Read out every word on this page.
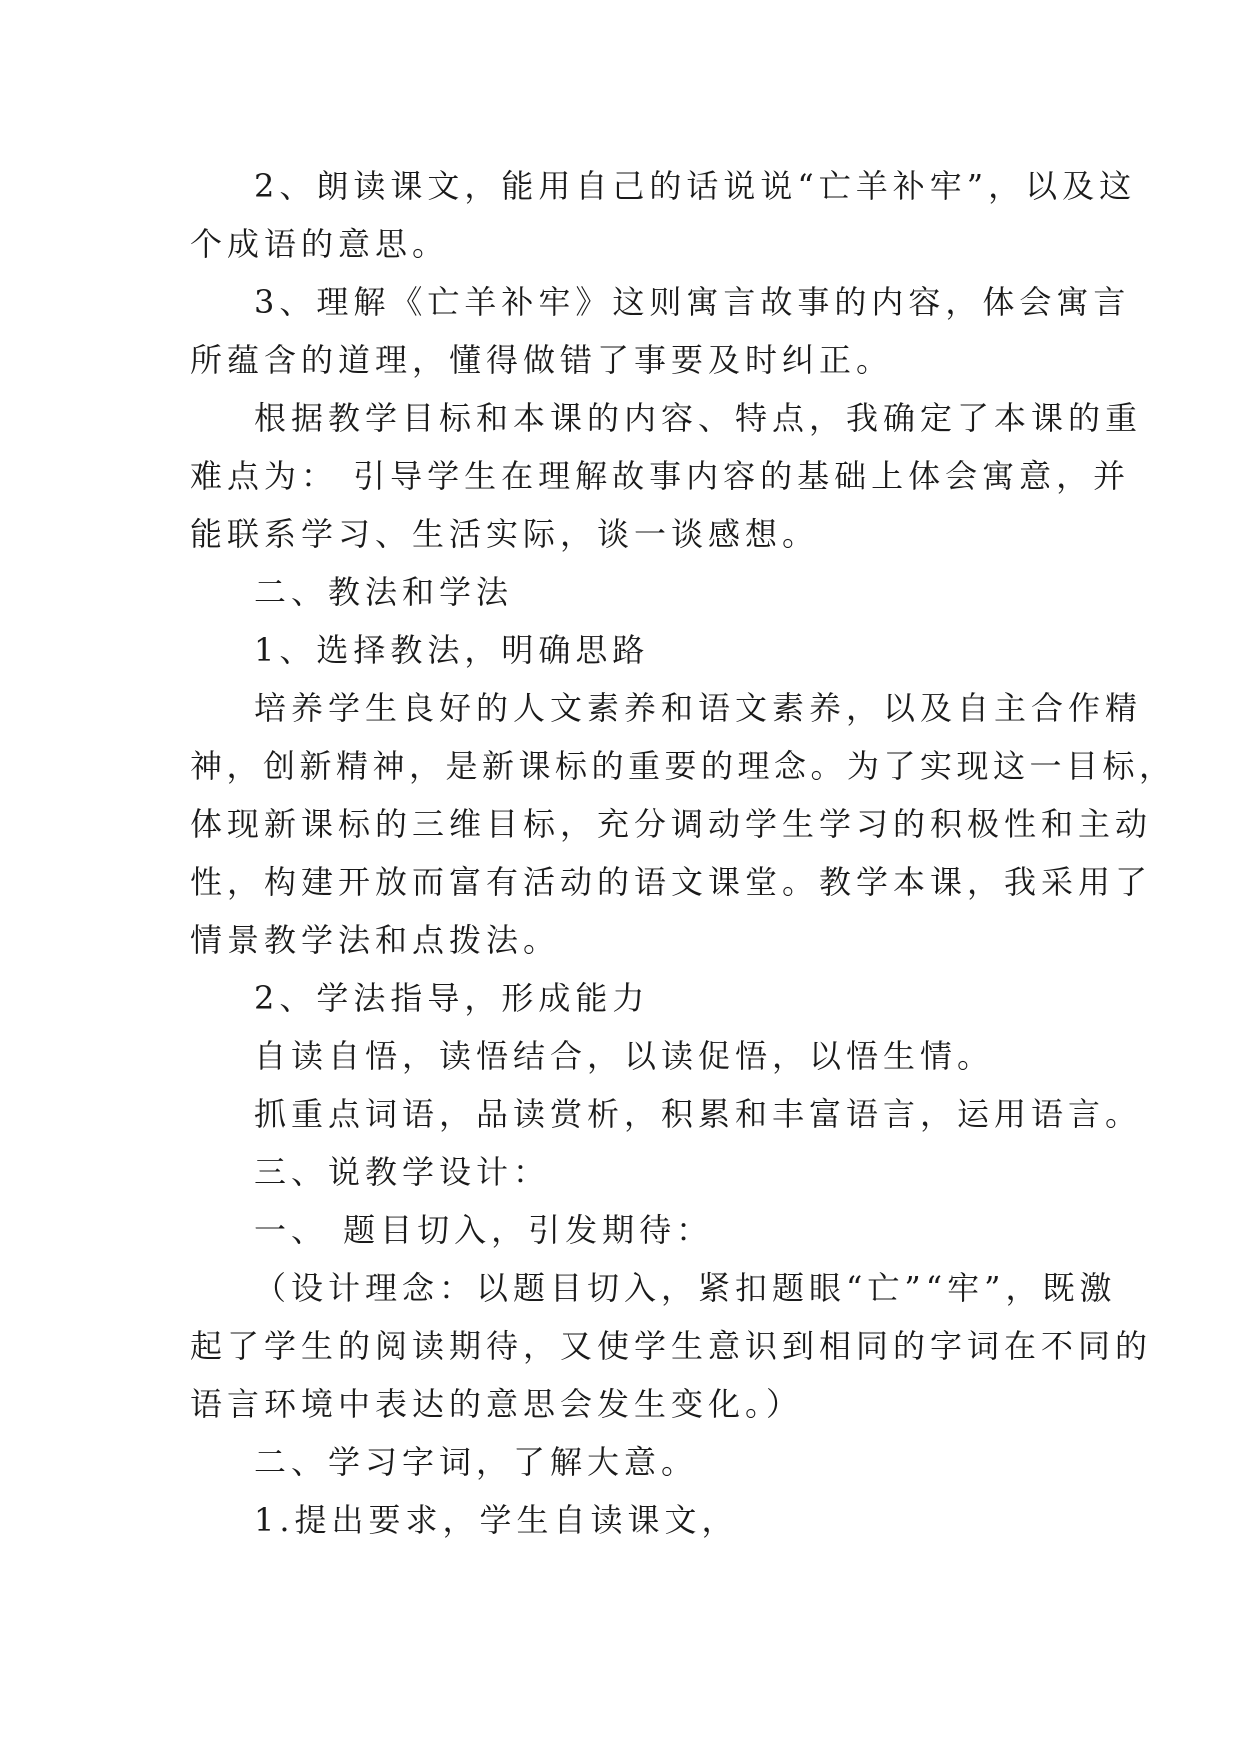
2、朗读课文，能用自己的话说说“亡羊补牢”，以及这

个成语的意思。

3、理解《亡羊补牢》这则寓言故事的内容，体会寓言

所蕴含的道理，懂得做错了事要及时纠正。

根据教学目标和本课的内容、特点，我确定了本课的重

难点为： 引导学生在理解故事内容的基础上体会寓意，并

能联系学习、生活实际，谈一谈感想。

二、教法和学法

1、选择教法，明确思路

培养学生良好的人文素养和语文素养，以及自主合作精

神，创新精神，是新课标的重要的理念。为了实现这一目标，

体现新课标的三维目标，充分调动学生学习的积极性和主动

性，构建开放而富有活动的语文课堂。教学本课，我采用了

情景教学法和点拨法。

2、学法指导，形成能力

自读自悟，读悟结合，以读促悟，以悟生情。

抓重点词语，品读赏析，积累和丰富语言，运用语言。

三、说教学设计：

一、 题目切入，引发期待：

（设计理念：以题目切入，紧扣题眼“亡”“牢”，既激

起了学生的阅读期待，又使学生意识到相同的字词在不同的

语言环境中表达的意思会发生变化。）

二、学习字词，了解大意。

1.提出要求，学生自读课文，
